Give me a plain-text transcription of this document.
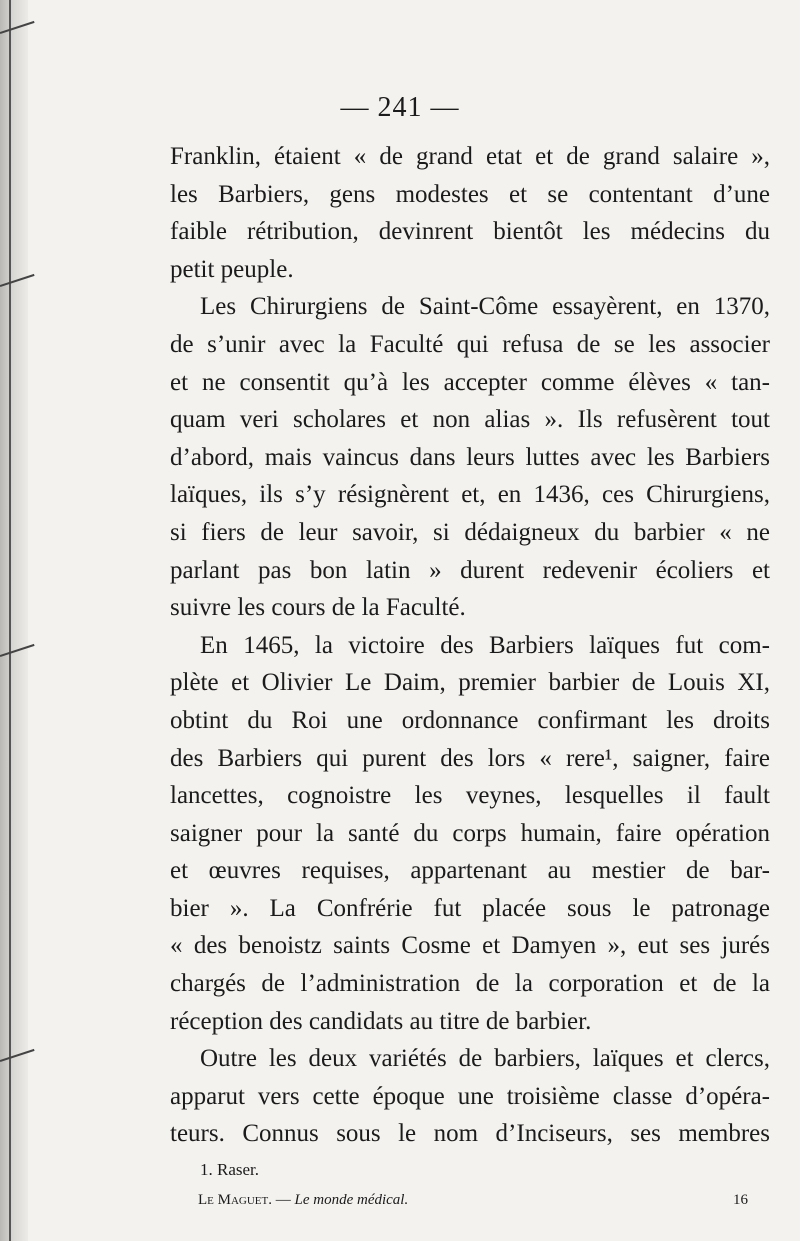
— 241 —
Franklin, étaient « de grand etat et de grand salaire »,
les Barbiers, gens modestes et se contentant d’une
faible rétribution, devinrent bientôt les médecins du
petit peuple.
Les Chirurgiens de Saint-Côme essayèrent, en 1370,
de s’unir avec la Faculté qui refusa de se les associer
et ne consentit qu’à les accepter comme élèves « tan-
quam veri scholares et non alias ». Ils refusèrent tout
d’abord, mais vaincus dans leurs luttes avec les Barbiers
laïques, ils s’y résignèrent et, en 1436, ces Chirurgiens,
si fiers de leur savoir, si dédaigneux du barbier « ne
parlant pas bon latin » durent redevenir écoliers et
suivre les cours de la Faculté.
En 1465, la victoire des Barbiers laïques fut com-
plète et Olivier Le Daim, premier barbier de Louis XI,
obtint du Roi une ordonnance confirmant les droits
des Barbiers qui purent des lors « rere¹, saigner, faire
lancettes, cognoistre les veynes, lesquelles il fault
saigner pour la santé du corps humain, faire opération
et œuvres requises, appartenant au mestier de bar-
bier ». La Confrérie fut placée sous le patronage
« des benoistz saints Cosme et Damyen », eut ses jurés
chargés de l’administration de la corporation et de la
réception des candidats au titre de barbier.
Outre les deux variétés de barbiers, laïques et clercs,
apparut vers cette époque une troisième classe d’opéra-
teurs. Connus sous le nom d’Inciseurs, ses membres
1. Raser.
Le Maguet. — Le monde médical.	16
